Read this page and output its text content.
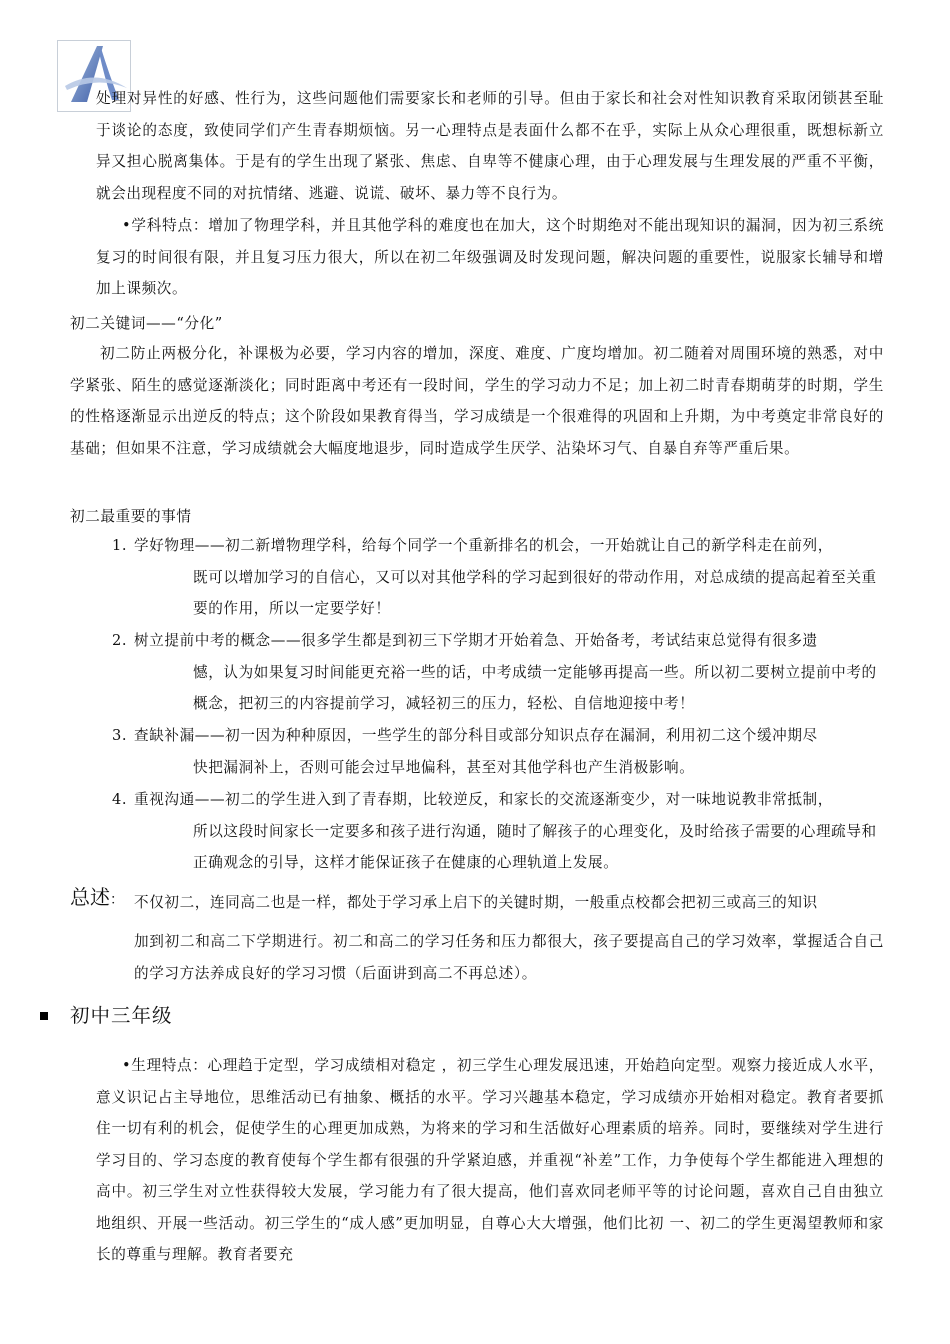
处理对异性的好感、性行为，这些问题他们需要家长和老师的引导。但由于家长和社会对性知识教育采取闭锁甚至耻于谈论的态度，致使同学们产生青春期烦恼。另一心理特点是表面什么都不在乎，实际上从众心理很重，既想标新立异又担心脱离集体。于是有的学生出现了紧张、焦虑、自卑等不健康心理，由于心理发展与生理发展的严重不平衡，就会出现程度不同的对抗情绪、逃避、说谎、破坏、暴力等不良行为。

•学科特点：增加了物理学科，并且其他学科的难度也在加大，这个时期绝对不能出现知识的漏洞，因为初三系统复习的时间很有限，并且复习压力很大，所以在初二年级强调及时发现问题，解决问题的重要性，说服家长辅导和增加上课频次。

初二关键词——“分化”

初二防止两极分化，补课极为必要，学习内容的增加，深度、难度、广度均增加。初二随着对周围环境的熟悉，对中学紧张、陌生的感觉逐渐淡化；同时距离中考还有一段时间，学生的学习动力不足；加上初二时青春期萌芽的时期，学生的性格逐渐显示出逆反的特点；这个阶段如果教育得当，学习成绩是一个很难得的巩固和上升期，为中考奠定非常良好的基础；但如果不注意，学习成绩就会大幅度地退步，同时造成学生厌学、沾染坏习气、自暴自弃等严重后果。

初二最重要的事情

1. 学好物理——初二新增物理学科，给每个同学一个重新排名的机会，一开始就让自己的新学科走在前列，
既可以增加学习的自信心，又可以对其他学科的学习起到很好的带动作用，对总成绩的提高起着至关重要的作用，所以一定要学好！
2. 树立提前中考的概念——很多学生都是到初三下学期才开始着急、开始备考，考试结束总觉得有很多遗
憾，认为如果复习时间能更充裕一些的话，中考成绩一定能够再提高一些。所以初二要树立提前中考的概念，把初三的内容提前学习，减轻初三的压力，轻松、自信地迎接中考！
3. 查缺补漏——初一因为种种原因，一些学生的部分科目或部分知识点存在漏洞，利用初二这个缓冲期尽
快把漏洞补上，否则可能会过早地偏科，甚至对其他学科也产生消极影响。
4. 重视沟通——初二的学生进入到了青春期，比较逆反，和家长的交流逐渐变少，对一味地说教非常抵制，
所以这段时间家长一定要多和孩子进行沟通，随时了解孩子的心理变化，及时给孩子需要的心理疏导和正确观念的引导，这样才能保证孩子在健康的心理轨道上发展。
总述： 不仅初二，连同高二也是一样，都处于学习承上启下的关键时期，一般重点校都会把初三或高三的知识

加到初二和高二下学期进行。初二和高二的学习任务和压力都很大，孩子要提高自己的学习效率，掌握适合自己的学习方法养成良好的学习习惯（后面讲到高二不再总述）。

初中三年级

•生理特点：心理趋于定型，学习成绩相对稳定 ，初三学生心理发展迅速，开始趋向定型。观察力接近成人水平，意义识记占主导地位，思维活动已有抽象、概括的水平。学习兴趣基本稳定，学习成绩亦开始相对稳定。教育者要抓住一切有利的机会，促使学生的心理更加成熟，为将来的学习和生活做好心理素质的培养。同时，要继续对学生进行学习目的、学习态度的教育使每个学生都有很强的升学紧迫感，并重视“补差”工作，力争使每个学生都能进入理想的高中。初三学生对立性获得较大发展，学习能力有了很大提高，他们喜欢同老师平等的讨论问题，喜欢自己自由独立地组织、开展一些活动。初三学生的“成人感”更加明显，自尊心大大增强，他们比初 一、初二的学生更渴望教师和家长的尊重与理解。教育者要充
